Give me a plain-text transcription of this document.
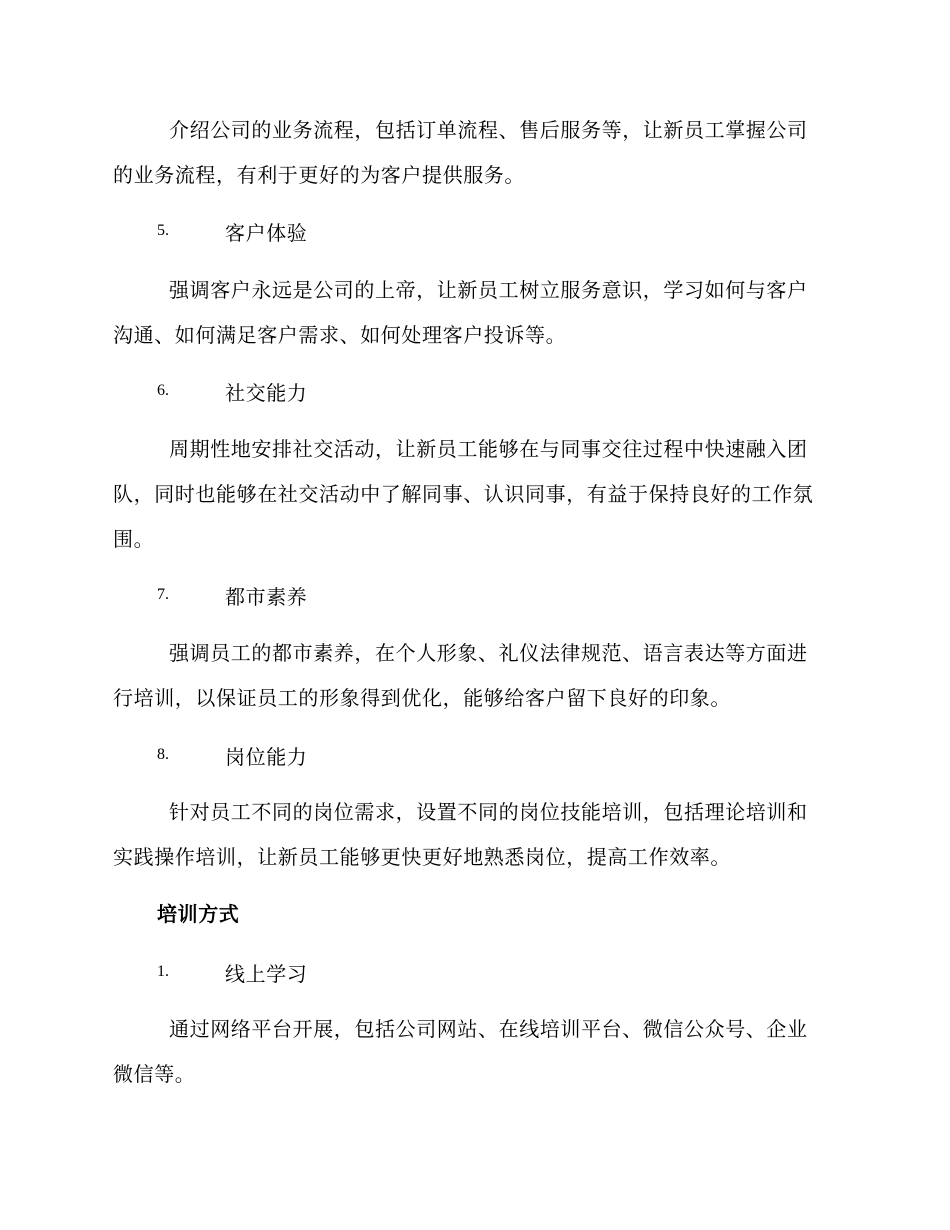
介绍公司的业务流程，包括订单流程、售后服务等，让新员工掌握公司的业务流程，有利于更好的为客户提供服务。

5.	客户体验

强调客户永远是公司的上帝，让新员工树立服务意识，学习如何与客户沟通、如何满足客户需求、如何处理客户投诉等。

6.	社交能力

周期性地安排社交活动，让新员工能够在与同事交往过程中快速融入团队，同时也能够在社交活动中了解同事、认识同事，有益于保持良好的工作氛围。

7.	都市素养

强调员工的都市素养，在个人形象、礼仪法律规范、语言表达等方面进行培训，以保证员工的形象得到优化，能够给客户留下良好的印象。

8.	岗位能力

针对员工不同的岗位需求，设置不同的岗位技能培训，包括理论培训和实践操作培训，让新员工能够更快更好地熟悉岗位，提高工作效率。

培训方式
1.	线上学习

通过网络平台开展，包括公司网站、在线培训平台、微信公众号、企业微信等。
